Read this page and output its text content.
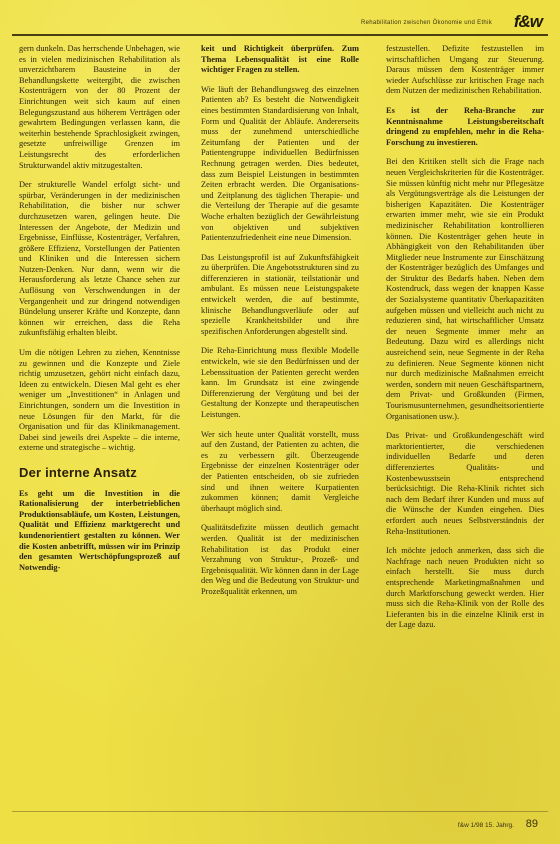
Rehabilitation zwischen Ökonomie und Ethik f&w

gern dunkeln. Das herrschende Unbehagen, wie es in vielen medizinischen Rehabilitation als unverzichtbarem Bausteine in der Behandlungskette weitergibt, die zwischen Kostenträgern von der 80 Prozent der Einrichtungen weit sich kaum auf einen Belegungszustand aus höherem Verträgen oder gewahrtem Bedingungen verlassen kann, die weiterhin bestehende Sprachlosigkeit zwingen, gesetzte unfreiwillige Grenzen im Leistungsrecht des erforderlichen Strukturwandel aktiv mitzugestalten.

Der strukturelle Wandel erfolgt sicht- und spürbar, Veränderungen in der medizinischen Rehabilitation, die bisher nur schwer durchzusetzen waren, gelingen heute. Die Interessen der Angebote, der Medizin und Ergebnisse, Einflüsse, Kostenträger, Verfahren, größere Effizienz, Vorstellungen der Patienten und Kliniken und die Interessen sichern Nutzen-Denken. Nur dann, wenn wir die Herausforderung als letzte Chance sehen zur Auflösung von Verschwendungen in der Vergangenheit und zur dringend notwendigen Bündelung unserer Kräfte und Konzepte, dann können wir erreichen, dass die Reha zukunftsfähig erhalten bleibt.

Um die nötigen Lehren zu ziehen, Kenntnisse zu gewinnen und die Konzepte und Ziele richtig umzusetzen, gehört nicht einfach dazu, Ideen zu entwickeln. Diesen Mal geht es eher weniger um „Investitionen“ in Anlagen und Einrichtungen, sondern um die Investition in neue Lösungen für den Markt, für die Organisation und für das Klinikmanagement. Dabei sind jeweils drei Aspekte – die interne, externe und strategische – wichtig.

Der interne Ansatz

Es geht um die Investition in die Rationalisierung der interbetrieblichen Produktionsabläufe, um Kosten, Leistungen, Qualität und Effizienz marktgerecht und kundenorientiert gestalten zu können. Wer die Kosten anbetrifft, müssen wir im Prinzip den gesamten Wertschöpfungsprozeß auf Notwendig-

keit und Richtigkeit überprüfen. Zum Thema Lebensqualität ist eine Rolle wichtiger Fragen zu stellen.

Wie läuft der Behandlungsweg des einzelnen Patienten ab? Es besteht die Notwendigkeit eines bestimmten Standardisierung von Inhalt, Form und Qualität der Abläufe. Andererseits muss der zunehmend unterschiedliche Zeitumfang der Patienten und der Patientengruppe individuellen Bedürfnissen Rechnung getragen werden. Dies bedeutet, dass zum Beispiel Leistungen in bestimmten Zeiten erbracht werden. Die Organisations- und Zeitplanung des täglichen Therapie- und die Verteilung der Therapie auf die gesamte Woche erhalten bezüglich der Gewährleistung von objektiven und subjektiven Patientenzufriedenheit eine neue Dimension.

Das Leistungsprofil ist auf Zukunftsfähigkeit zu überprüfen. Die Angebotsstrukturen sind zu differenzieren in stationär, teilstationär und ambulant. Es müssen neue Leistungspakete entwickelt werden, die auf bestimmte, klinische Behandlungsverläufe oder auf spezielle Krankheitsbilder und ihre spezifischen Anforderungen abgestellt sind.

Die Reha-Einrichtung muss flexible Modelle entwickeln, wie sie den Bedürfnissen und der Lebenssituation der Patienten gerecht werden kann. Im Grundsatz ist eine zwingende Differenzierung der Vergütung und bei der Gestaltung der Konzepte und therapeutischen Leistungen.

Wer sich heute unter Qualität vorstellt, muss auf den Zustand, der Patienten zu achten, die es zu verbessern gilt. Überzeugende Ergebnisse der einzelnen Kostenträger oder der Patienten entscheiden, ob sie zufrieden sind und ihnen weitere Kurpatienten zukommen können; damit Vergleiche überhaupt möglich sind.

Qualitätsdefizite müssen deutlich gemacht werden. Qualität ist der medizinischen Rehabilitation ist das Produkt einer Verzahnung von Struktur-, Prozeß- und Ergebnisqualität. Wir können dann in der Lage den Weg und die Bedeutung von Struktur- und Prozeßqualität erkennen, um

festzustellen. Defizite festzustellen im wirtschaftlichen Umgang zur Steuerung. Daraus müssen dem Kostenträger immer wieder Aufschlüsse zur kritischen Frage nach dem Nutzen der medizinischen Rehabilitation.

Es ist der Reha-Branche zur Kenntnisnahme Leistungsbereitschaft dringend zu empfehlen, mehr in die Reha-Forschung zu investieren.

Bei den Kritiken stellt sich die Frage nach neuen Vergleichskriterien für die Kostenträger. Sie müssen künftig nicht mehr nur Pflegesätze als Vergütungsverträge als die Leistungen der bisherigen Kapazitäten. Die Kostenträger erwarten immer mehr, wie sie ein Produkt medizinischer Rehabilitation kontrollieren können. Die Kostenträger gehen heute in Abhängigkeit von den Rehabilitanden über Mitglieder neue Instrumente zur Einschätzung der Kostenträger bezüglich des Umfanges und der Struktur des Bedarfs haben. Neben dem Kostendruck, dass wegen der knappen Kasse der Sozialsysteme quantitativ Überkapazitäten aufgeben müssen und vielleicht auch nicht zu reduzieren sind, hat wirtschaftlicher Umsatz der neuen Segmente immer mehr an Bedeutung. Dazu wird es allerdings nicht ausreichend sein, neue Segmente in der Reha zu definieren. Neue Segmente können nicht nur durch medizinische Maßnahmen erreicht werden, sondern mit neuen Geschäftspartnern, dem Privat- und Großkunden (Firmen, Tourismusunternehmen, gesundheitsorientierte Organisationen usw.).

Das Privat- und Großkundengeschäft wird marktorientierter, die verschiedenen individuellen Bedarfe und deren differenziertes Qualitäts- und Kostenbewusstsein entsprechend berücksichtigt. Die Reha-Klinik richtet sich nach dem Bedarf ihrer Kunden und muss auf die Wünsche der Kunden eingehen. Dies erfordert auch neues Selbstverständnis der Reha-Institutionen.

Ich möchte jedoch anmerken, dass sich die Nachfrage nach neuen Produkten nicht so einfach herstellt. Sie muss durch entsprechende Marketingmaßnahmen und durch Marktforschung geweckt werden. Hier muss sich die Reha-Klinik von der Rolle des Lieferanten bis in die einzelne Klinik erst in der Lage dazu.

f&w 1/98 15. Jahrg. 89
